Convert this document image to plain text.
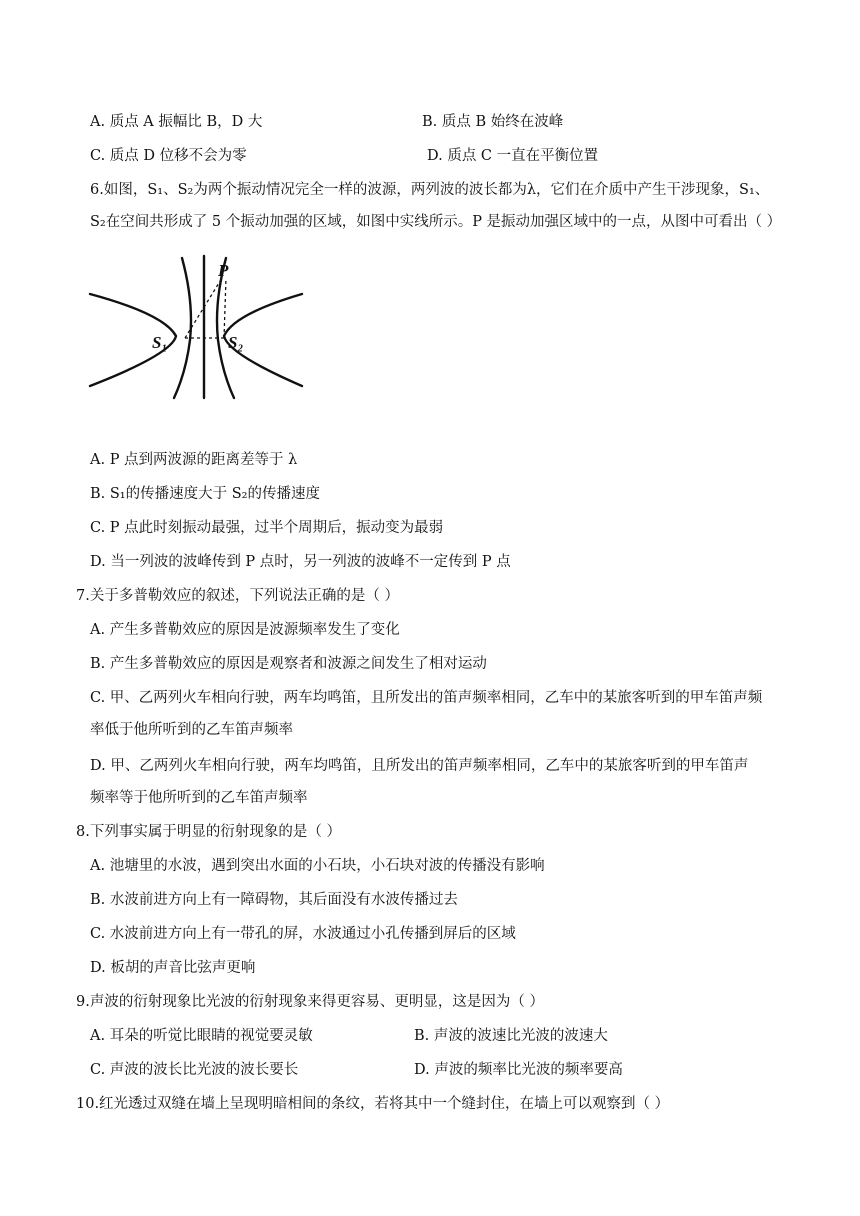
A. 质点 A 振幅比 B，D 大	B. 质点 B 始终在波峰
C. 质点 D 位移不会为零	D. 质点 C 一直在平衡位置
6.如图，S₁、S₂为两个振动情况完全一样的波源，两列波的波长都为λ，它们在介质中产生干涉现象，S₁、
S₂在空间共形成了 5 个振动加强的区域，如图中实线所示。P 是振动加强区域中的一点，从图中可看出（ ）
P
S₁	S₂
A. P 点到两波源的距离差等于 λ
B. S₁的传播速度大于 S₂的传播速度
C. P 点此时刻振动最强，过半个周期后，振动变为最弱
D. 当一列波的波峰传到 P 点时，另一列波的波峰不一定传到 P 点
7.关于多普勒效应的叙述，下列说法正确的是（ ）
A. 产生多普勒效应的原因是波源频率发生了变化
B. 产生多普勒效应的原因是观察者和波源之间发生了相对运动
C. 甲、乙两列火车相向行驶，两车均鸣笛，且所发出的笛声频率相同，乙车中的某旅客听到的甲车笛声频
率低于他所听到的乙车笛声频率
D. 甲、乙两列火车相向行驶，两车均鸣笛，且所发出的笛声频率相同，乙车中的某旅客听到的甲车笛声
频率等于他所听到的乙车笛声频率
8.下列事实属于明显的衍射现象的是（ ）
A. 池塘里的水波，遇到突出水面的小石块，小石块对波的传播没有影响
B. 水波前进方向上有一障碍物，其后面没有水波传播过去
C. 水波前进方向上有一带孔的屏，水波通过小孔传播到屏后的区域
D. 板胡的声音比弦声更响
9.声波的衍射现象比光波的衍射现象来得更容易、更明显，这是因为（ ）
A. 耳朵的听觉比眼睛的视觉要灵敏	B. 声波的波速比光波的波速大
C. 声波的波长比光波的波长要长	D. 声波的频率比光波的频率要高
10.红光透过双缝在墙上呈现明暗相间的条纹，若将其中一个缝封住，在墙上可以观察到（ ）
